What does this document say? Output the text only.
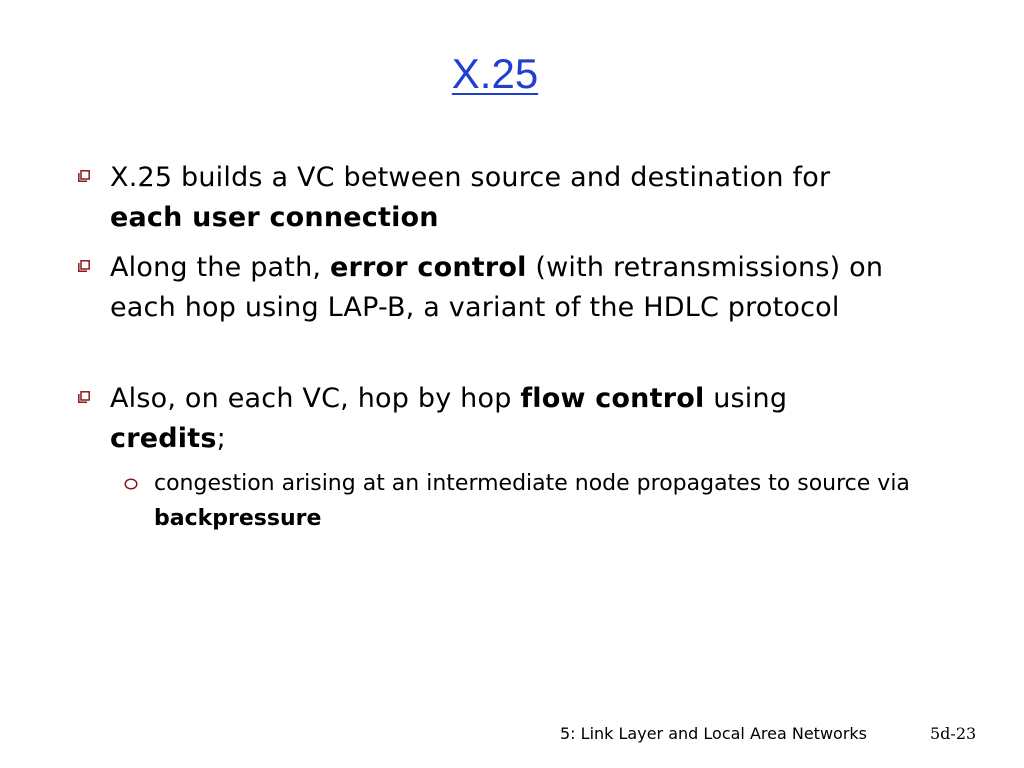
X.25
X.25 builds a VC between source and destination for each user connection
Along the path, error control (with retransmissions) on each hop using LAP-B, a variant of the HDLC protocol
Also, on each VC, hop by hop flow control using credits;
congestion arising at an intermediate node propagates to source via backpressure
5: Link Layer and Local Area Networks	5d-23
